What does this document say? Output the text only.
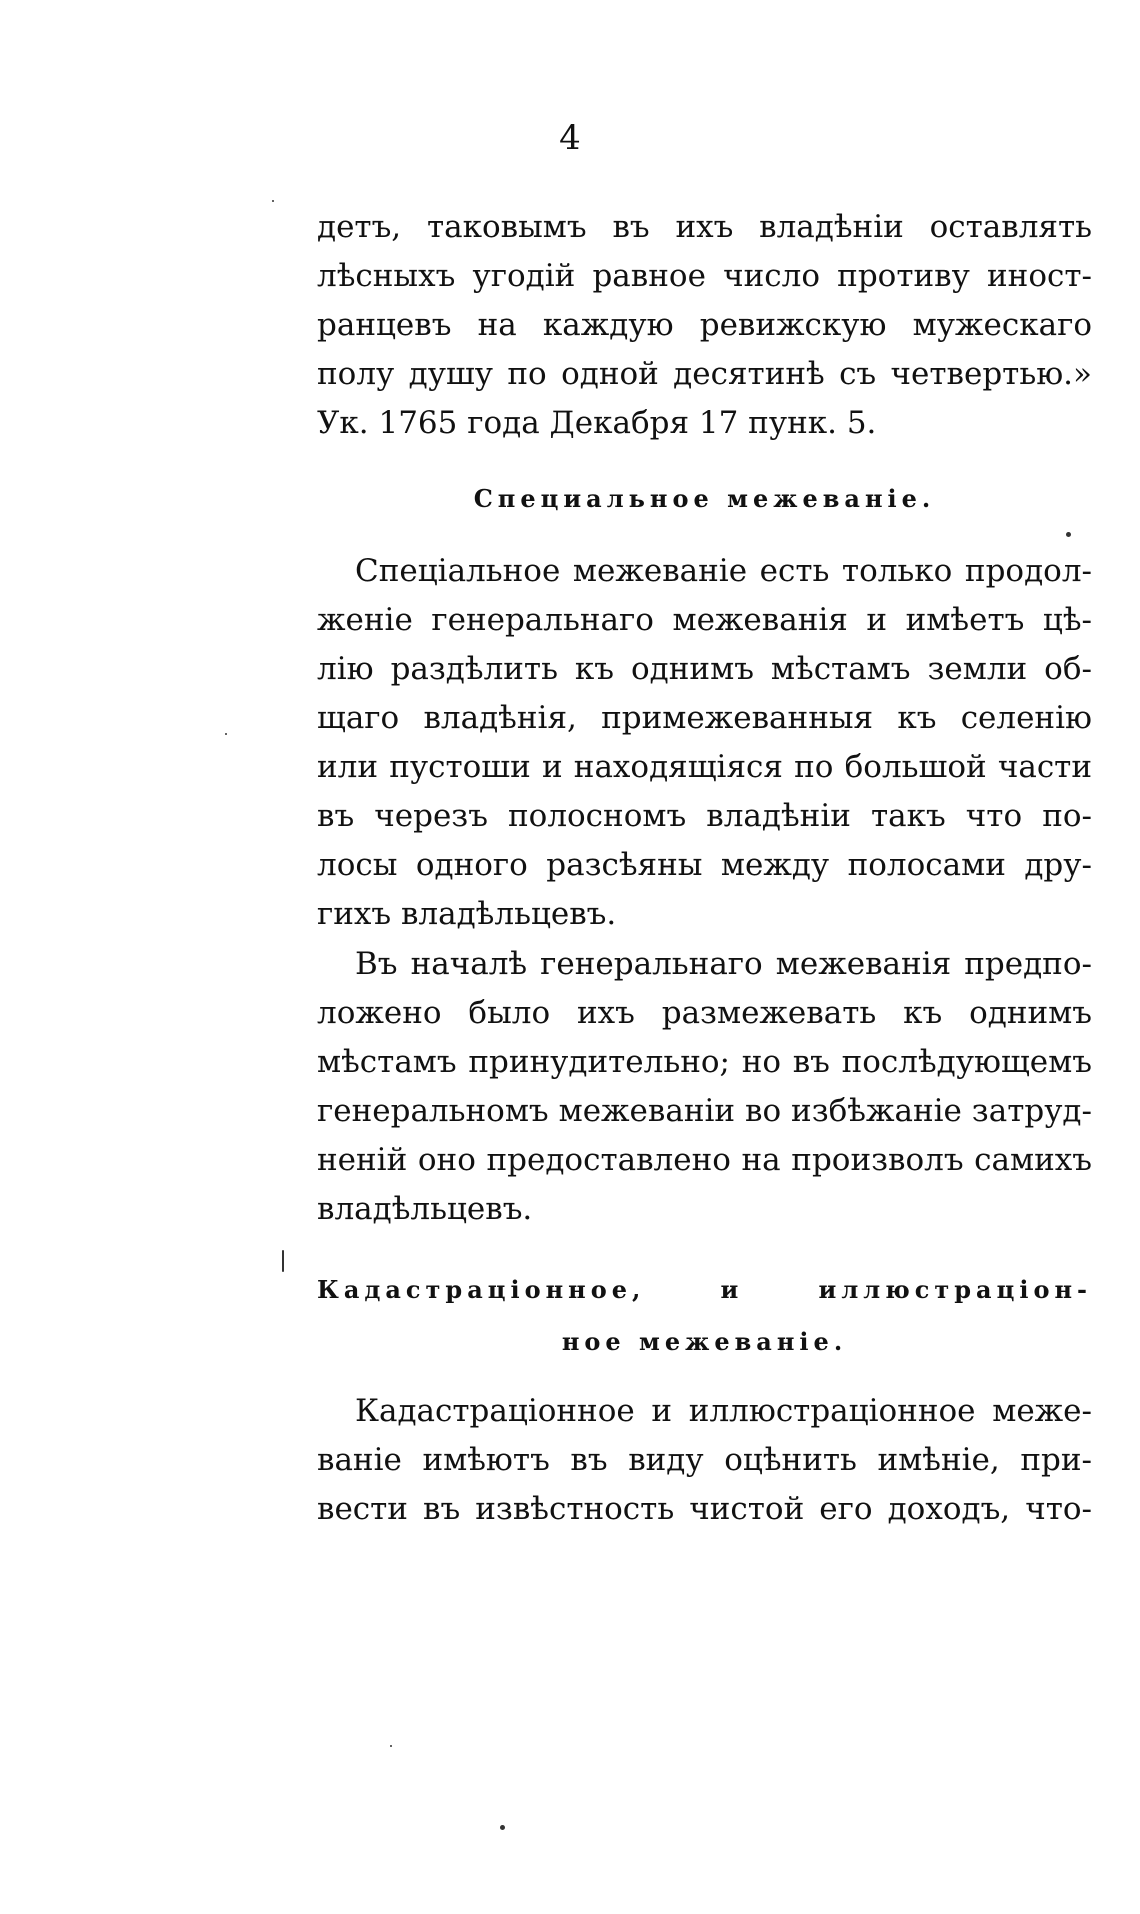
4
детъ, таковымъ въ ихъ владѣніи оставлять
лѣсныхъ угодій равное число противу иност-
ранцевъ на каждую ревижскую мужескаго
полу душу по одной десятинѣ съ четвертью.»
Ук. 1765 года Декабря 17 пунк. 5.
Специальное межеваніе.
Спеціальное межеваніе есть только продол-
женіе генеральнаго межеванія и имѣетъ цѣ-
лію раздѣлить къ однимъ мѣстамъ земли об-
щаго владѣнія, примежеванныя къ селенію
или пустоши и находящіяся по большой части
въ черезъ полосномъ владѣніи такъ что по-
лосы одного разсѣяны между полосами дру-
гихъ владѣльцевъ.
Въ началѣ генеральнаго межеванія предпо-
ложено было ихъ размежевать къ однимъ
мѣстамъ принудительно; но въ послѣдующемъ
генеральномъ межеваніи во избѣжаніе затруд-
неній оно предоставлено на произволъ самихъ
владѣльцевъ.
Кадастраціонное, и иллюстраціон-
ное межеваніе.
Кадастраціонное и иллюстраціонное меже-
ваніе имѣютъ въ виду оцѣнить имѣніе, при-
вести въ извѣстность чистой его доходъ, что-
